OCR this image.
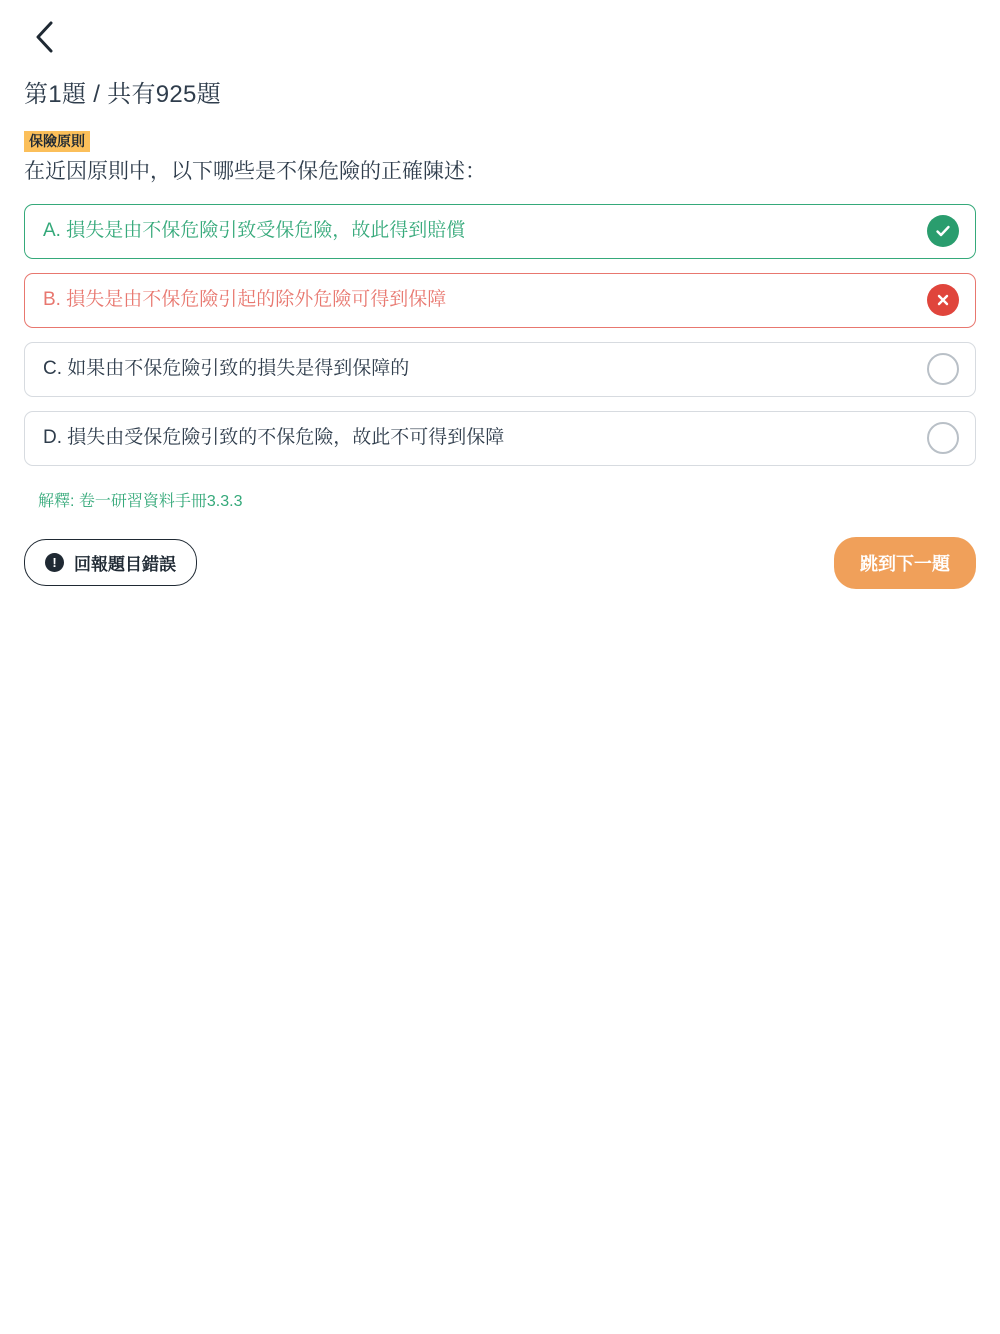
第1題 / 共有925題
保險原則
在近因原則中，以下哪些是不保危險的正確陳述：
A. 損失是由不保危險引致受保危險，故此得到賠償
B. 損失是由不保危險引起的除外危險可得到保障
C. 如果由不保危險引致的損失是得到保障的
D. 損失由受保危險引致的不保危險，故此不可得到保障
解釋: 卷一研習資料手冊3.3.3
!	回報題目錯誤	跳到下一題
